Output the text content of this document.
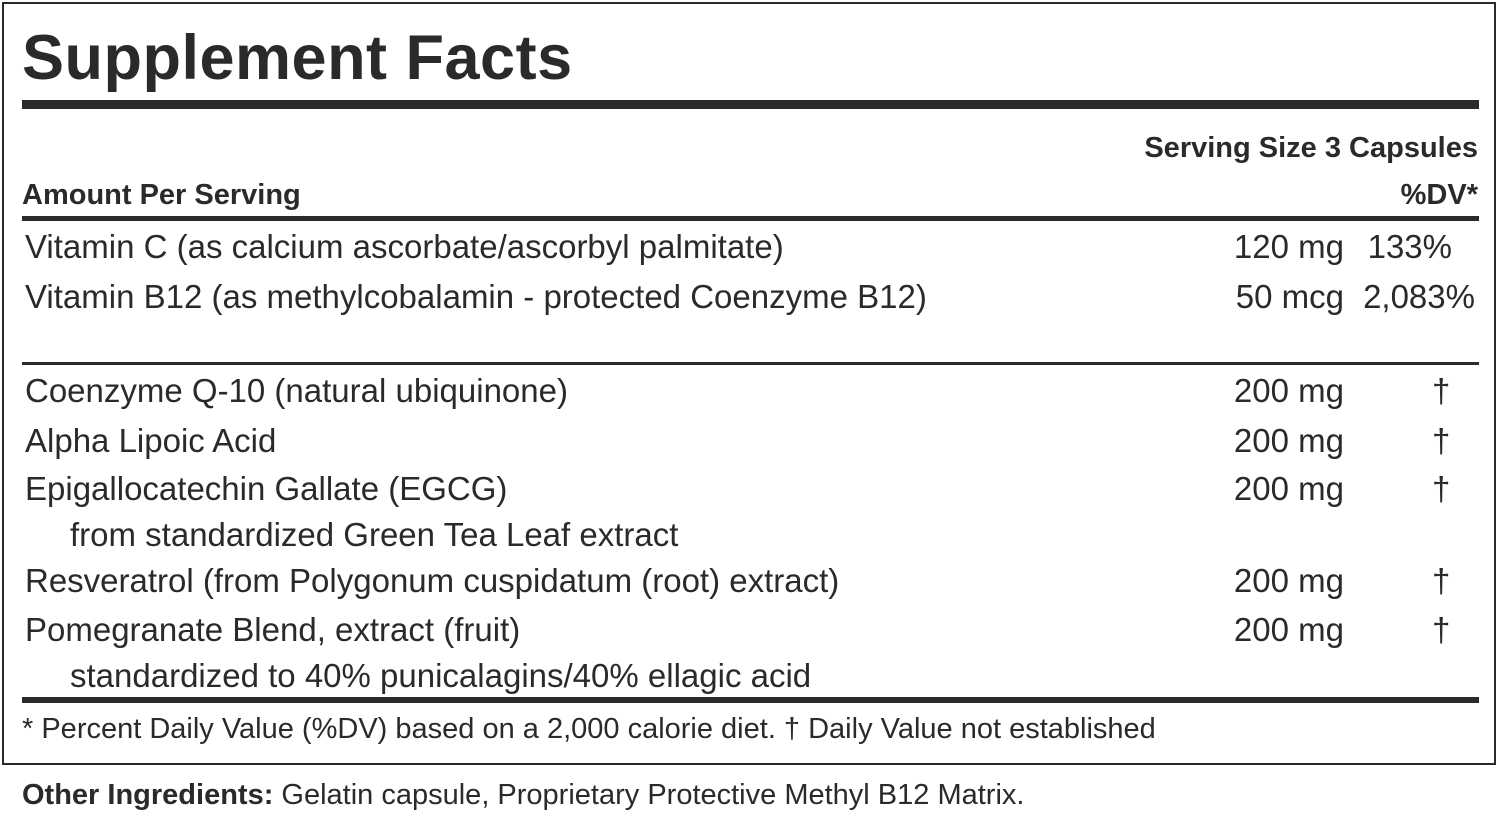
Supplement Facts
Serving Size 3 Capsules
Amount Per Serving	%DV*
Vitamin C (as calcium ascorbate/ascorbyl palmitate)	120 mg 133%
Vitamin B12 (as methylcobalamin - protected Coenzyme B12)	50 mcg 2,083%
Coenzyme Q-10 (natural ubiquinone)	200 mg	†
Alpha Lipoic Acid	200 mg	†
Epigallocatechin Gallate (EGCG)	200 mg	†
from standardized Green Tea Leaf extract
Resveratrol (from Polygonum cuspidatum (root) extract)	200 mg	†
Pomegranate Blend, extract (fruit)	200 mg	†
standardized to 40% punicalagins/40% ellagic acid
* Percent Daily Value (%DV) based on a 2,000 calorie diet. † Daily Value not established
Other Ingredients: Gelatin capsule, Proprietary Protective Methyl B12 Matrix.
